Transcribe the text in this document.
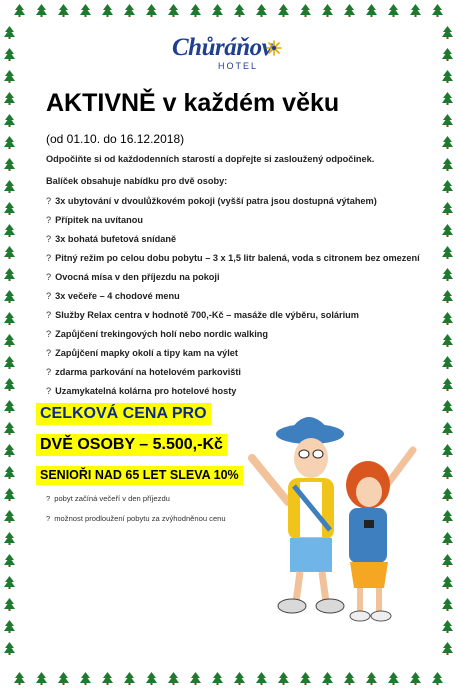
Chůráňov
HOTEL
AKTIVNĚ v každém věku
(od 01.10. do 16.12.2018)
Odpočiňte si od každodenních starostí a dopřejte si zasloužený odpočinek.
Balíček obsahuje nabídku pro dvě osoby:
? 3x ubytování v dvoulůžkovém pokoji (vyšší patra jsou dostupná výtahem)
? Přípitek na uvítanou
? 3x bohatá bufetová snídaně
? Pitný režim po celou dobu pobytu – 3 x 1,5 litr balená, voda s citronem bez omezení
? Ovocná mísa v den příjezdu na pokoji
? 3x večeře – 4 chodové menu
? Služby Relax centra v hodnotě 700,-Kč – masáže dle výběru, solárium
? Zapůjčení trekingových holí nebo nordic walking
? Zapůjčení mapky okolí a tipy kam na výlet
? zdarma parkování na hotelovém parkovišti
? Uzamykatelná kolárna pro hotelové hosty
CELKOVÁ CENA PRO
DVĚ OSOBY – 5.500,-Kč
SENIOŘI NAD 65 LET SLEVA 10%
? pobyt začíná večeří v den příjezdu
? možnost prodloužení pobytu za zvýhodněnou cenu
